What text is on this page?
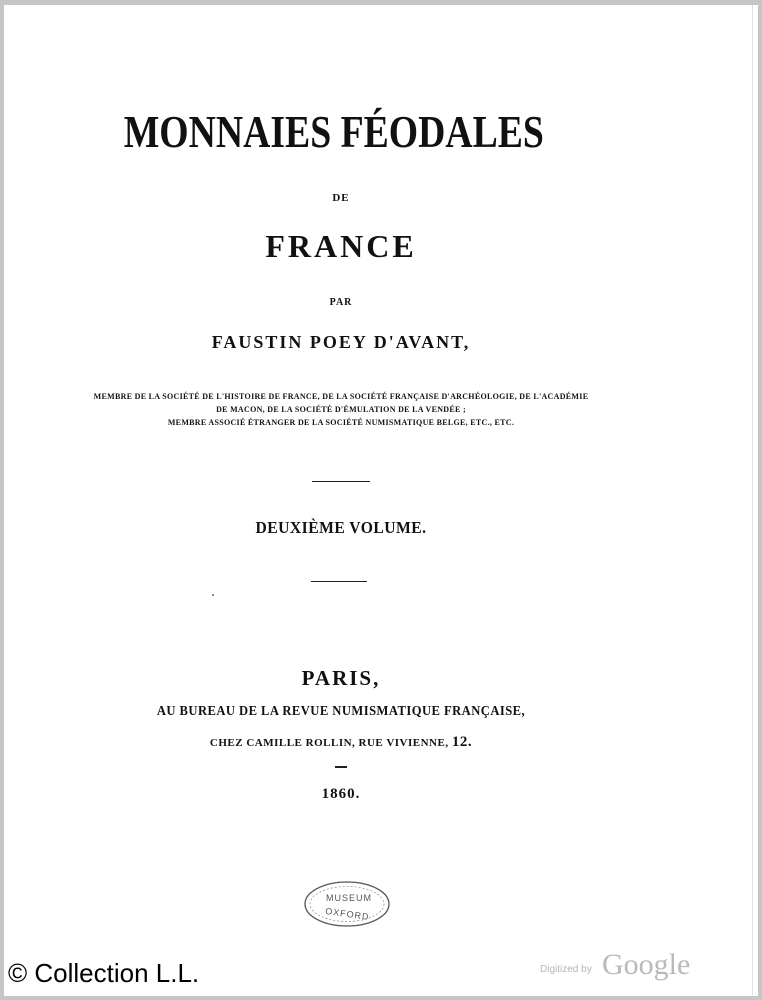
MONNAIES FÉODALES
DE
FRANCE
PAR
FAUSTIN POEY D'AVANT,
MEMBRE DE LA SOCIÉTÉ DE L'HISTOIRE DE FRANCE, DE LA SOCIÉTÉ FRANÇAISE D'ARCHÉOLOGIE, DE L'ACADÉMIE
DE MACON, DE LA SOCIÉTÉ D'ÉMULATION DE LA VENDÉE ;
MEMBRE ASSOCIÉ ÉTRANGER DE LA SOCIÉTÉ NUMISMATIQUE BELGE, ETC., ETC.
DEUXIÈME VOLUME.
PARIS,
AU BUREAU DE LA REVUE NUMISMATIQUE FRANÇAISE,
CHEZ CAMILLE ROLLIN, RUE VIVIENNE, 12.
1860.
MUSEUM
OXFORD
© Collection L.L.	Digitized by Google
